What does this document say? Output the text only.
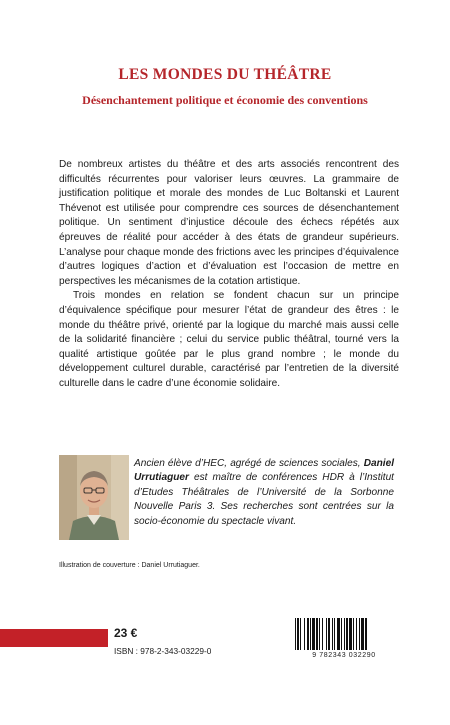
LES MONDES DU THÉÂTRE
Désenchantement politique et économie des conventions

De nombreux artistes du théâtre et des arts associés rencontrent des difficultés récurrentes pour valoriser leurs œuvres. La grammaire de justification politique et morale des mondes de Luc Boltanski et Laurent Thévenot est utilisée pour comprendre ces sources de désenchantement politique. Un sentiment d’injustice découle des échecs répétés aux épreuves de réalité pour accéder à des états de grandeur supérieurs. L’analyse pour chaque monde des frictions avec les principes d’équivalence d’autres logiques d’action et d’évaluation est l’occasion de mettre en perspectives les mécanismes de la cotation artistique.

Trois mondes en relation se fondent chacun sur un principe d’équivalence spécifique pour mesurer l’état de grandeur des êtres : le monde du théâtre privé, orienté par la logique du marché mais aussi celle de la solidarité financière ; celui du service public théâtral, tourné vers la qualité artistique goûtée par le plus grand nombre ; le monde du développement culturel durable, caractérisé par l’entretien de la diversité culturelle dans le cadre d’une économie solidaire.

Ancien élève d’HEC, agrégé de sciences sociales, Daniel Urrutiaguer est maître de conférences HDR à l’Institut d’Etudes Théâtrales de l’Université de la Sorbonne Nouvelle Paris 3. Ses recherches sont centrées sur la socio-économie du spectacle vivant.

Illustration de couverture : Daniel Urrutiaguer.

23 €

ISBN : 978-2-343-03229-0	9 782343 032290
